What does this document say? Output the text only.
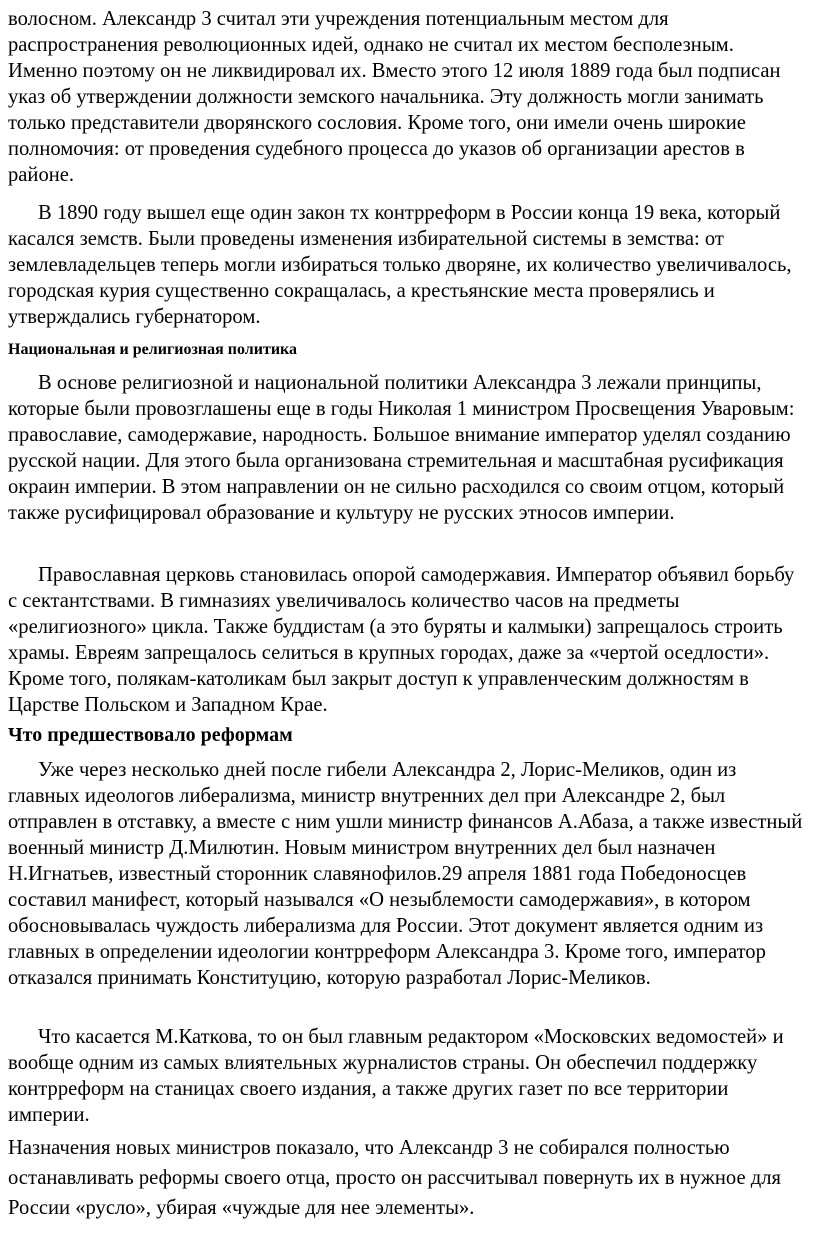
волосном. Александр 3 считал эти учреждения потенциальным местом для распространения революционных идей, однако не считал их местом бесполезным. Именно поэтому он не ликвидировал их. Вместо этого 12 июля 1889 года был подписан указ об утверждении должности земского начальника. Эту должность могли занимать только представители дворянского сословия. Кроме того, они имели очень широкие полномочия: от проведения судебного процесса до указов об организации арестов в районе.

В 1890 году вышел еще один закон тх контрреформ в России конца 19 века, который касался земств. Были проведены изменения избирательной системы в земства: от землевладельцев теперь могли избираться только дворяне, их количество увеличивалось, городская курия существенно сокращалась, а крестьянские места проверялись и утверждались губернатором.

Национальная и религиозная политика

В основе религиозной и национальной политики Александра 3 лежали принципы, которые были провозглашены еще в годы Николая 1 министром Просвещения Уваровым: православие, самодержавие, народность. Большое внимание император уделял созданию русской нации. Для этого была организована стремительная и масштабная русификация окраин империи. В этом направлении он не сильно расходился со своим отцом, который также русифицировал образование и культуру не русских этносов империи.

Православная церковь становилась опорой самодержавия. Император объявил борьбу с сектантствами. В гимназиях увеличивалось количество часов на предметы «религиозного» цикла. Также буддистам (а это буряты и калмыки) запрещалось строить храмы. Евреям запрещалось селиться в крупных городах, даже за «чертой оседлости». Кроме того, полякам-католикам был закрыт доступ к управленческим должностям в Царстве Польском и Западном Крае.

Что предшествовало реформам

Уже через несколько дней после гибели Александра 2, Лорис-Меликов, один из главных идеологов либерализма, министр внутренних дел при Александре 2, был отправлен в отставку, а вместе с ним ушли министр финансов А.Абаза, а также известный военный министр Д.Милютин. Новым министром внутренних дел был назначен Н.Игнатьев, известный сторонник славянофилов.29 апреля 1881 года Победоносцев составил манифест, который назывался «О незыблемости самодержавия», в котором обосновывалась чуждость либерализма для России. Этот документ является одним из главных в определении идеологии контрреформ Александра 3. Кроме того, император отказался принимать Конституцию, которую разработал Лорис-Меликов.

Что касается М.Каткова, то он был главным редактором «Московских ведомостей» и вообще одним из самых влиятельных журналистов страны. Он обеспечил поддержку контрреформ на станицах своего издания, а также других газет по все территории империи.

Назначения новых министров показало, что Александр 3 не собирался полностью останавливать реформы своего отца, просто он рассчитывал повернуть их в нужное для России «русло», убирая «чуждые для нее элементы».
